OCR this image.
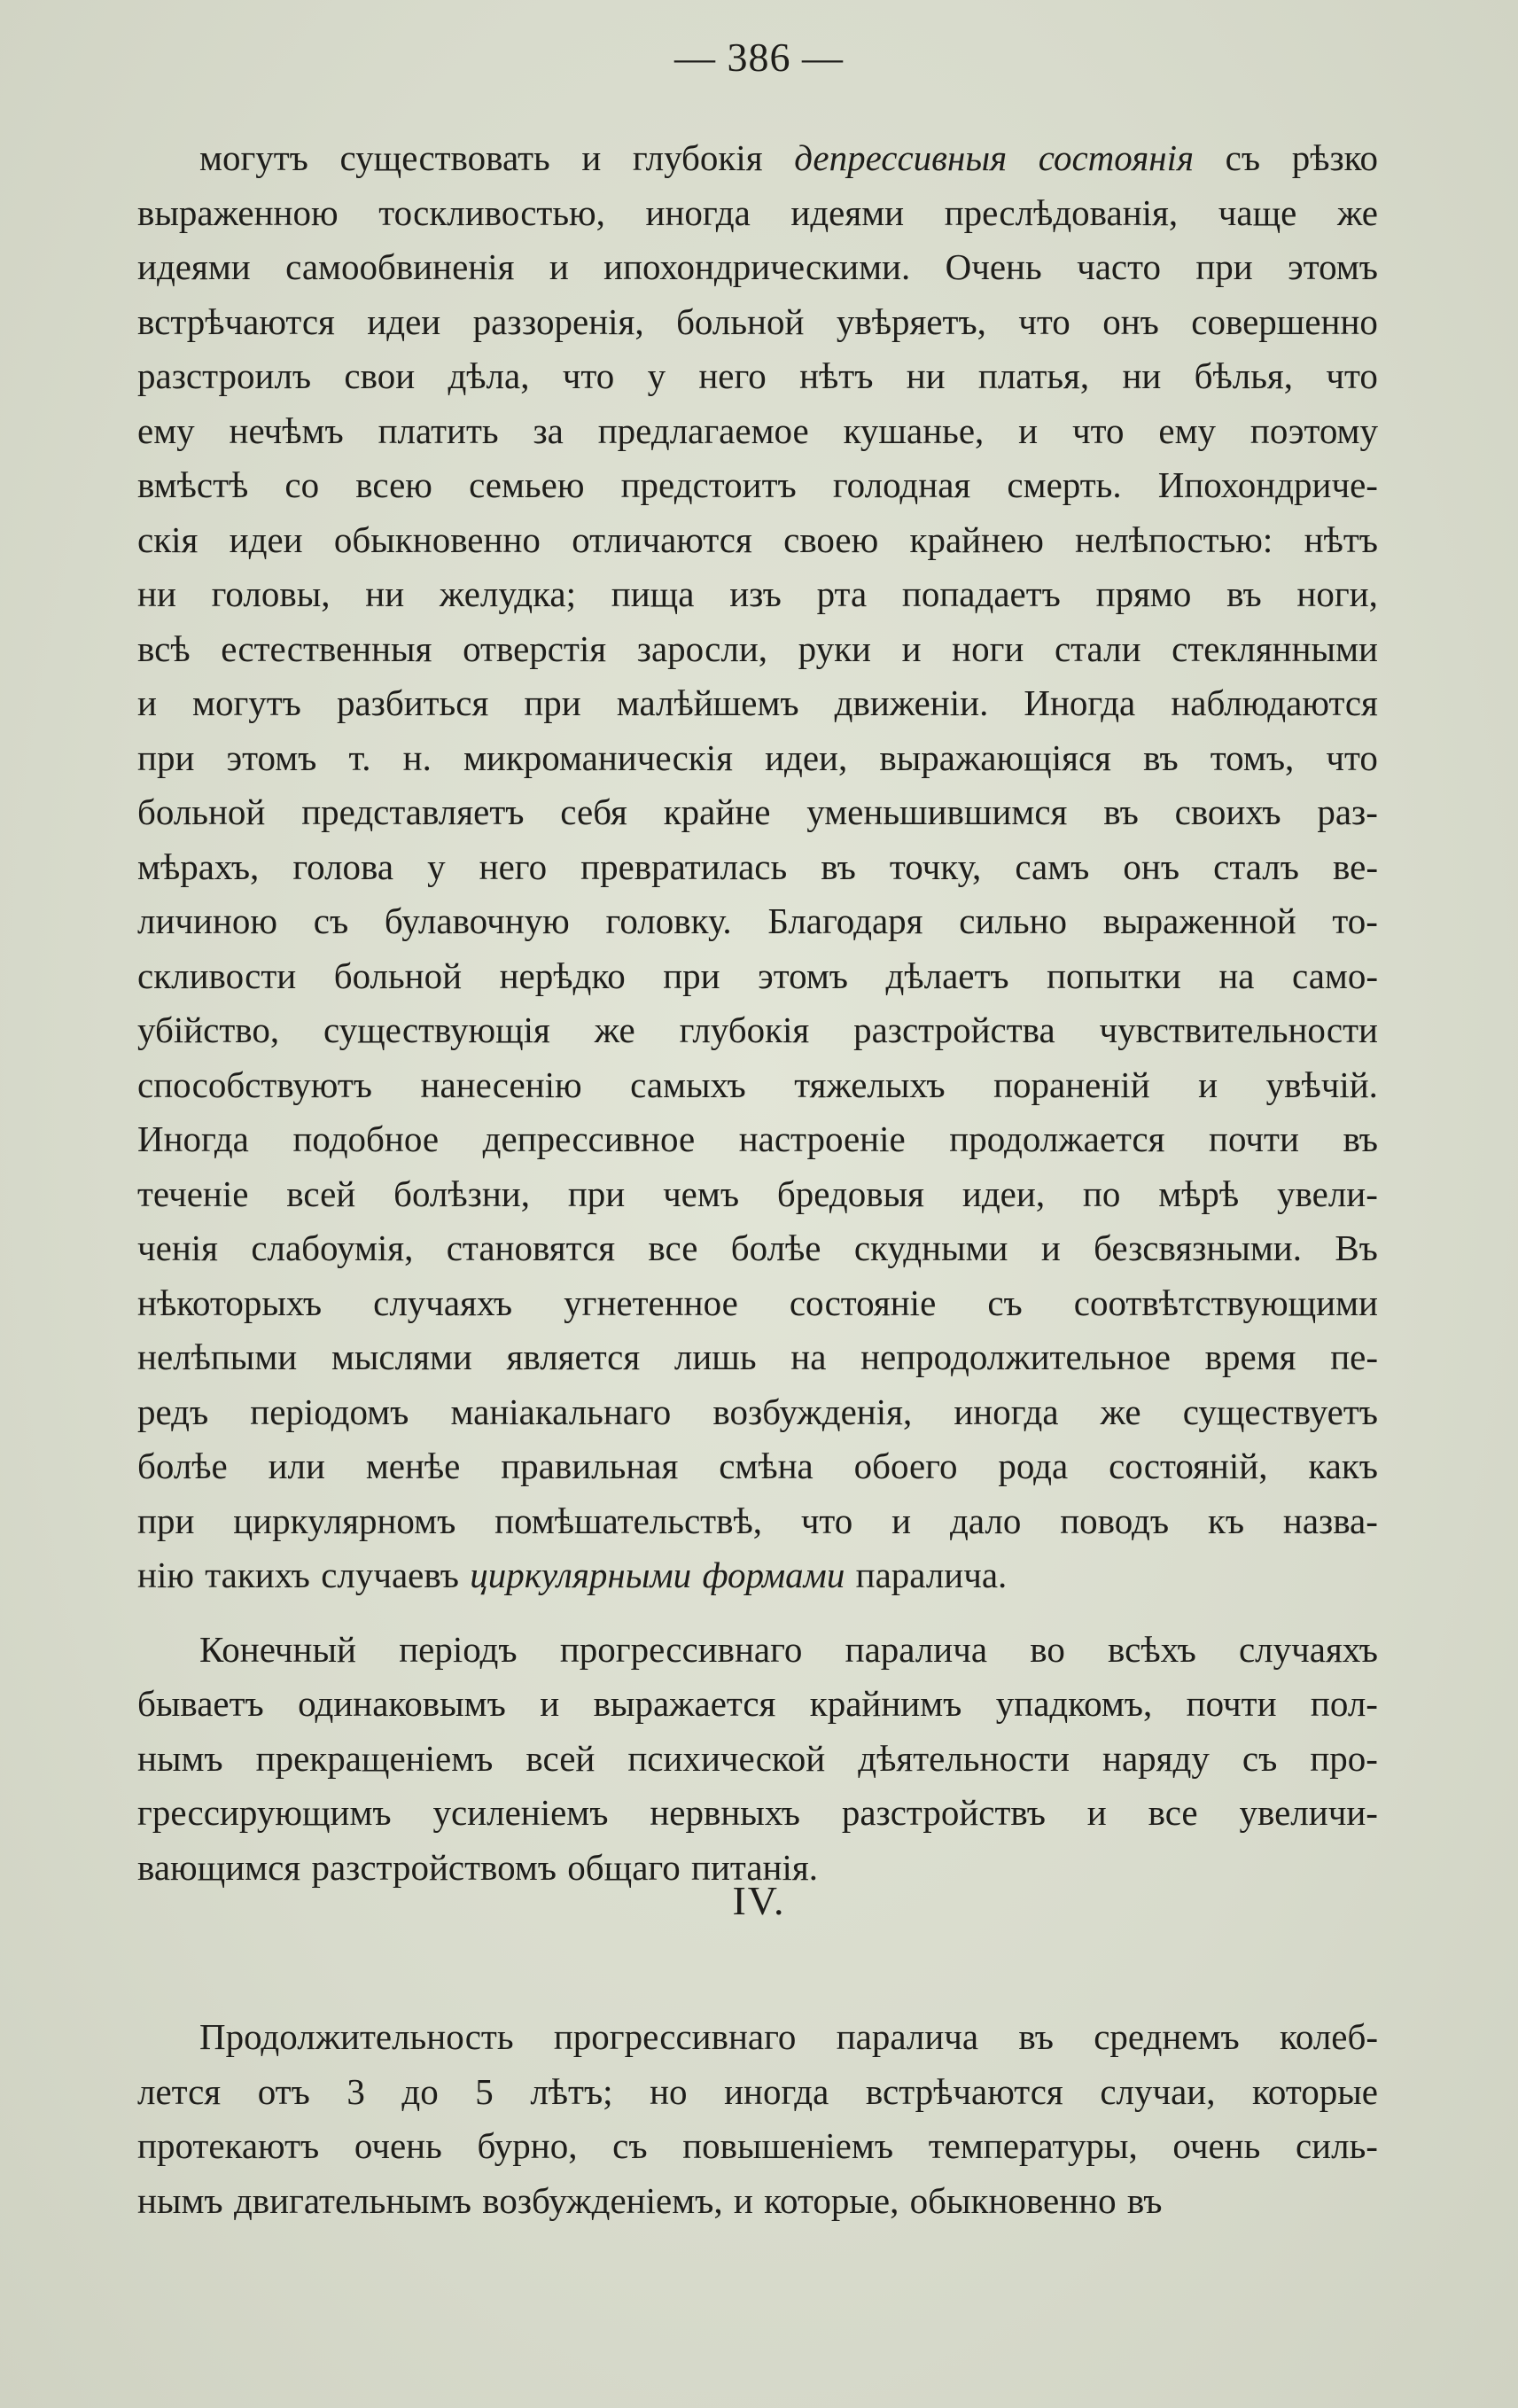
— 386 —
могутъ существовать и глубокія депрессивныя состоянія съ рѣзко
выраженною тоскливостью, иногда идеями преслѣдованія, чаще же
идеями самообвиненія и ипохондрическими. Очень часто при этомъ
встрѣчаются идеи раззоренія, больной увѣряетъ, что онъ совершенно
разстроилъ свои дѣла, что у него нѣтъ ни платья, ни бѣлья, что
ему нечѣмъ платить за предлагаемое кушанье, и что ему поэтому
вмѣстѣ со всею семьею предстоитъ голодная смерть. Ипохондриче-
скія идеи обыкновенно отличаются своею крайнею нелѣпостью: нѣтъ
ни головы, ни желудка; пища изъ рта попадаетъ прямо въ ноги,
всѣ естественныя отверстія заросли, руки и ноги стали стеклянными
и могутъ разбиться при малѣйшемъ движеніи. Иногда наблюдаются
при этомъ т. н. микроманическія идеи, выражающіяся въ томъ, что
больной представляетъ себя крайне уменьшившимся въ своихъ раз-
мѣрахъ, голова у него превратилась въ точку, самъ онъ сталъ ве-
личиною съ булавочную головку. Благодаря сильно выраженной то-
скливости больной нерѣдко при этомъ дѣлаетъ попытки на само-
убійство, существующія же глубокія разстройства чувствительности
способствуютъ нанесенію самыхъ тяжелыхъ пораненій и увѣчій.
Иногда подобное депрессивное настроеніе продолжается почти въ
теченіе всей болѣзни, при чемъ бредовыя идеи, по мѣрѣ увели-
ченія слабоумія, становятся все болѣе скудными и безсвязными. Въ
нѣкоторыхъ случаяхъ угнетенное состояніе съ соотвѣтствующими
нелѣпыми мыслями является лишь на непродолжительное время пе-
редъ періодомъ маніакальнаго возбужденія, иногда же существуетъ
болѣе или менѣе правильная смѣна обоего рода состояній, какъ
при циркулярномъ помѣшательствѣ, что и дало поводъ къ назва-
нію такихъ случаевъ циркулярными формами паралича.
Конечный періодъ прогрессивнаго паралича во всѣхъ случаяхъ
бываетъ одинаковымъ и выражается крайнимъ упадкомъ, почти пол-
нымъ прекращеніемъ всей психической дѣятельности наряду съ про-
грессирующимъ усиленіемъ нервныхъ разстройствъ и все увеличи-
вающимся разстройствомъ общаго питанія.
IV.
Продолжительность прогрессивнаго паралича въ среднемъ колеб-
лется отъ 3 до 5 лѣтъ; но иногда встрѣчаются случаи, которые
протекаютъ очень бурно, съ повышеніемъ температуры, очень силь-
нымъ двигательнымъ возбужденіемъ, и которые, обыкновенно въ
